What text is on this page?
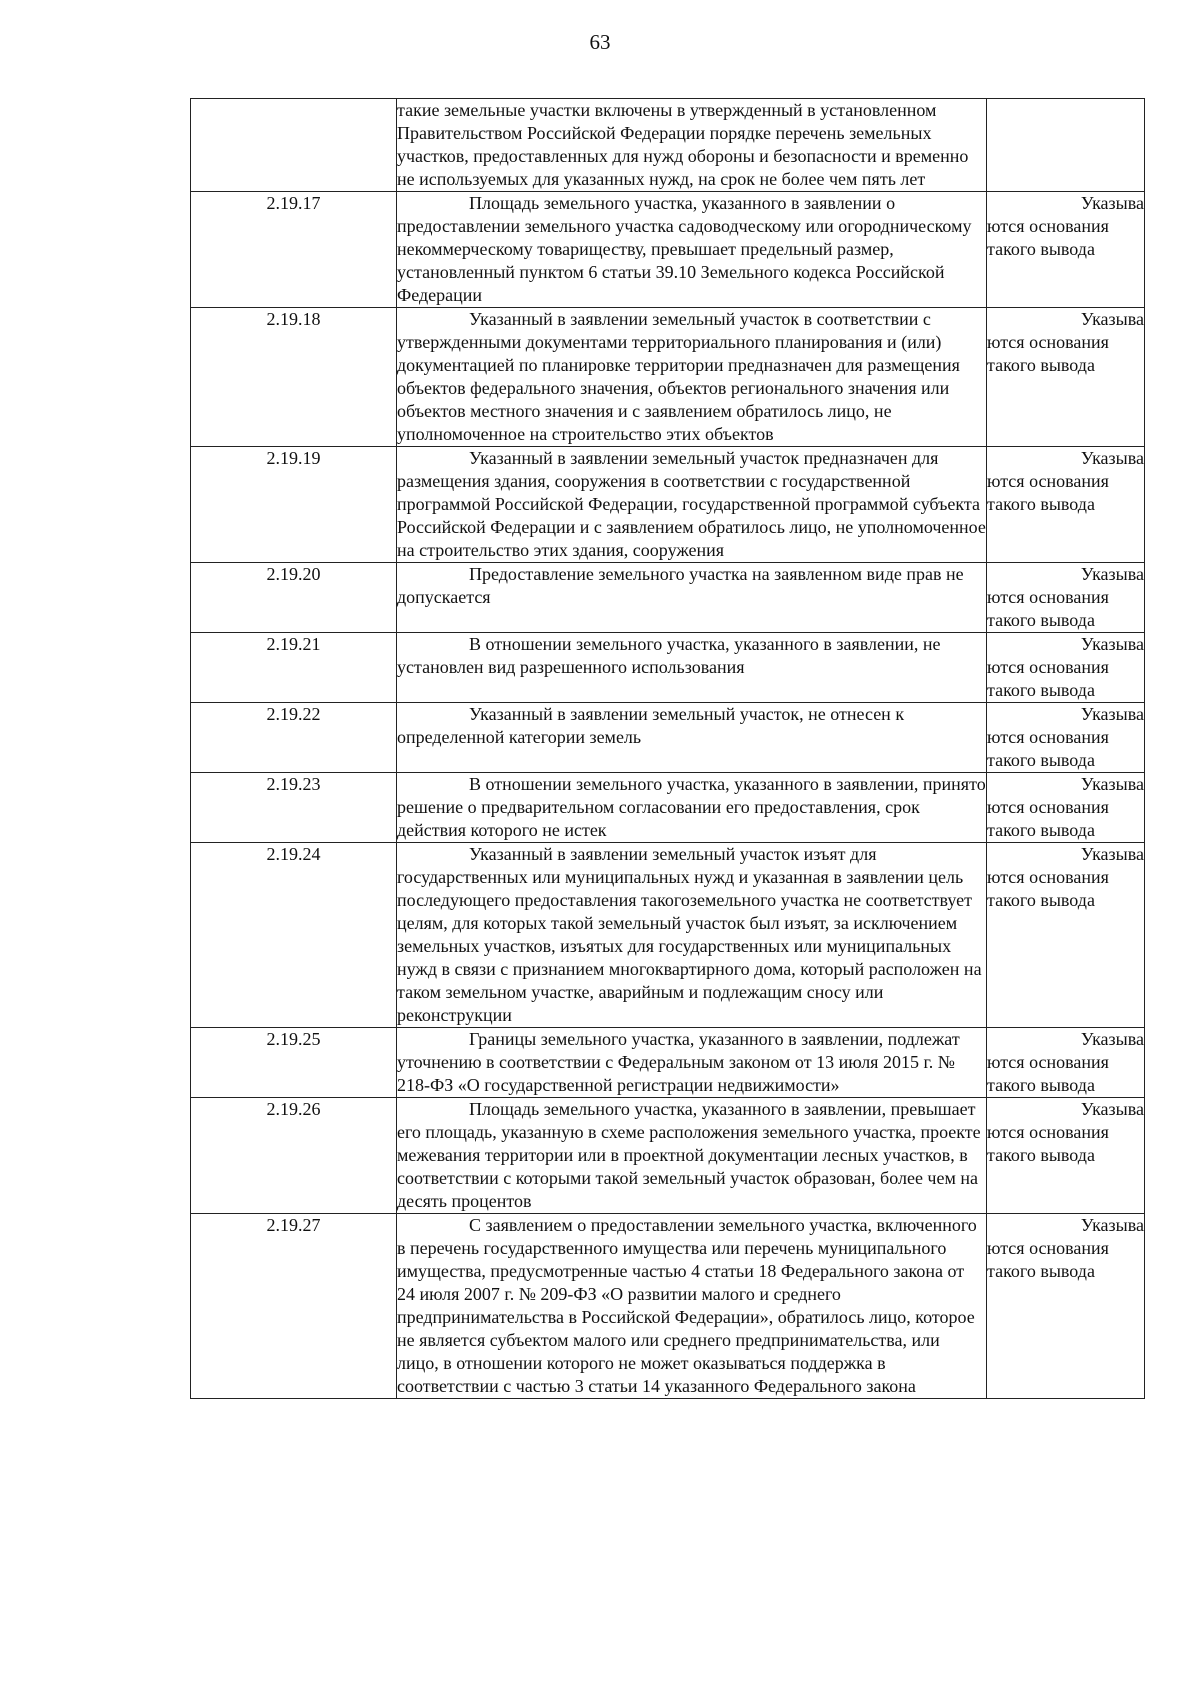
63

	такие земельные участки включены в утвержденный в установленном Правительством Российской Федерации порядке перечень земельных участков, предоставленных для нужд обороны и безопасности и временно не используемых для указанных нужд, на срок не более чем пять лет	

2.19.17	Площадь земельного участка, указанного в заявлении о предоставлении земельного участка садоводческому или огородническому некоммерческому товариществу, превышает предельный размер, установленный пунктом 6 статьи 39.10 Земельного кодекса Российской Федерации	Указыва
ются основания такого вывода

2.19.18	Указанный в заявлении земельный участок в соответствии с утвержденными документами территориального планирования и (или) документацией по планировке территории предназначен для размещения объектов федерального значения, объектов регионального значения или объектов местного значения и с заявлением обратилось лицо, не уполномоченное на строительство этих объектов	Указыва
ются основания такого вывода

2.19.19	Указанный в заявлении земельный участок предназначен для размещения здания, сооружения в соответствии с государственной программой Российской Федерации, государственной программой субъекта Российской Федерации и с заявлением обратилось лицо, не уполномоченное на строительство этих здания, сооружения	Указыва
ются основания такого вывода

2.19.20	Предоставление земельного участка на заявленном виде прав не допускается	Указыва
ются основания такого вывода

2.19.21	В отношении земельного участка, указанного в заявлении, не установлен вид разрешенного использования	Указыва
ются основания такого вывода

2.19.22	Указанный в заявлении земельный участок, не отнесен к определенной категории земель	Указыва
ются основания такого вывода

2.19.23	В отношении земельного участка, указанного в заявлении, принято решение о предварительном согласовании его предоставления, срок действия которого не истек	Указыва
ются основания такого вывода

2.19.24	Указанный в заявлении земельный участок изъят для государственных или муниципальных нужд и указанная в заявлении цель последующего предоставления такогоземельного участка не соответствует целям, для которых такой земельный участок был изъят, за исключением земельных участков, изъятых для государственных или муниципальных нужд в связи с признанием многоквартирного дома, который расположен на таком земельном участке, аварийным и подлежащим сносу или реконструкции	Указыва
ются основания такого вывода

2.19.25	Границы земельного участка, указанного в заявлении, подлежат уточнению в соответствии с Федеральным законом от 13 июля 2015 г. № 218-ФЗ «О государственной регистрации недвижимости»	Указыва
ются основания такого вывода

2.19.26	Площадь земельного участка, указанного в заявлении, превышает его площадь, указанную в схеме расположения земельного участка, проекте межевания территории или в проектной документации лесных участков, в соответствии с которыми такой земельный участок образован, более чем на десять процентов	Указыва
ются основания такого вывода

2.19.27	С заявлением о предоставлении земельного участка, включенного в перечень государственного имущества или перечень муниципального имущества, предусмотренные частью 4 статьи 18 Федерального закона от 24 июля 2007 г. № 209-ФЗ «О развитии малого и среднего предпринимательства в Российской Федерации», обратилось лицо, которое не является субъектом малого или среднего предпринимательства, или лицо, в отношении которого не может оказываться поддержка в соответствии с частью 3 статьи 14 указанного Федерального закона	Указыва
ются основания такого вывода
